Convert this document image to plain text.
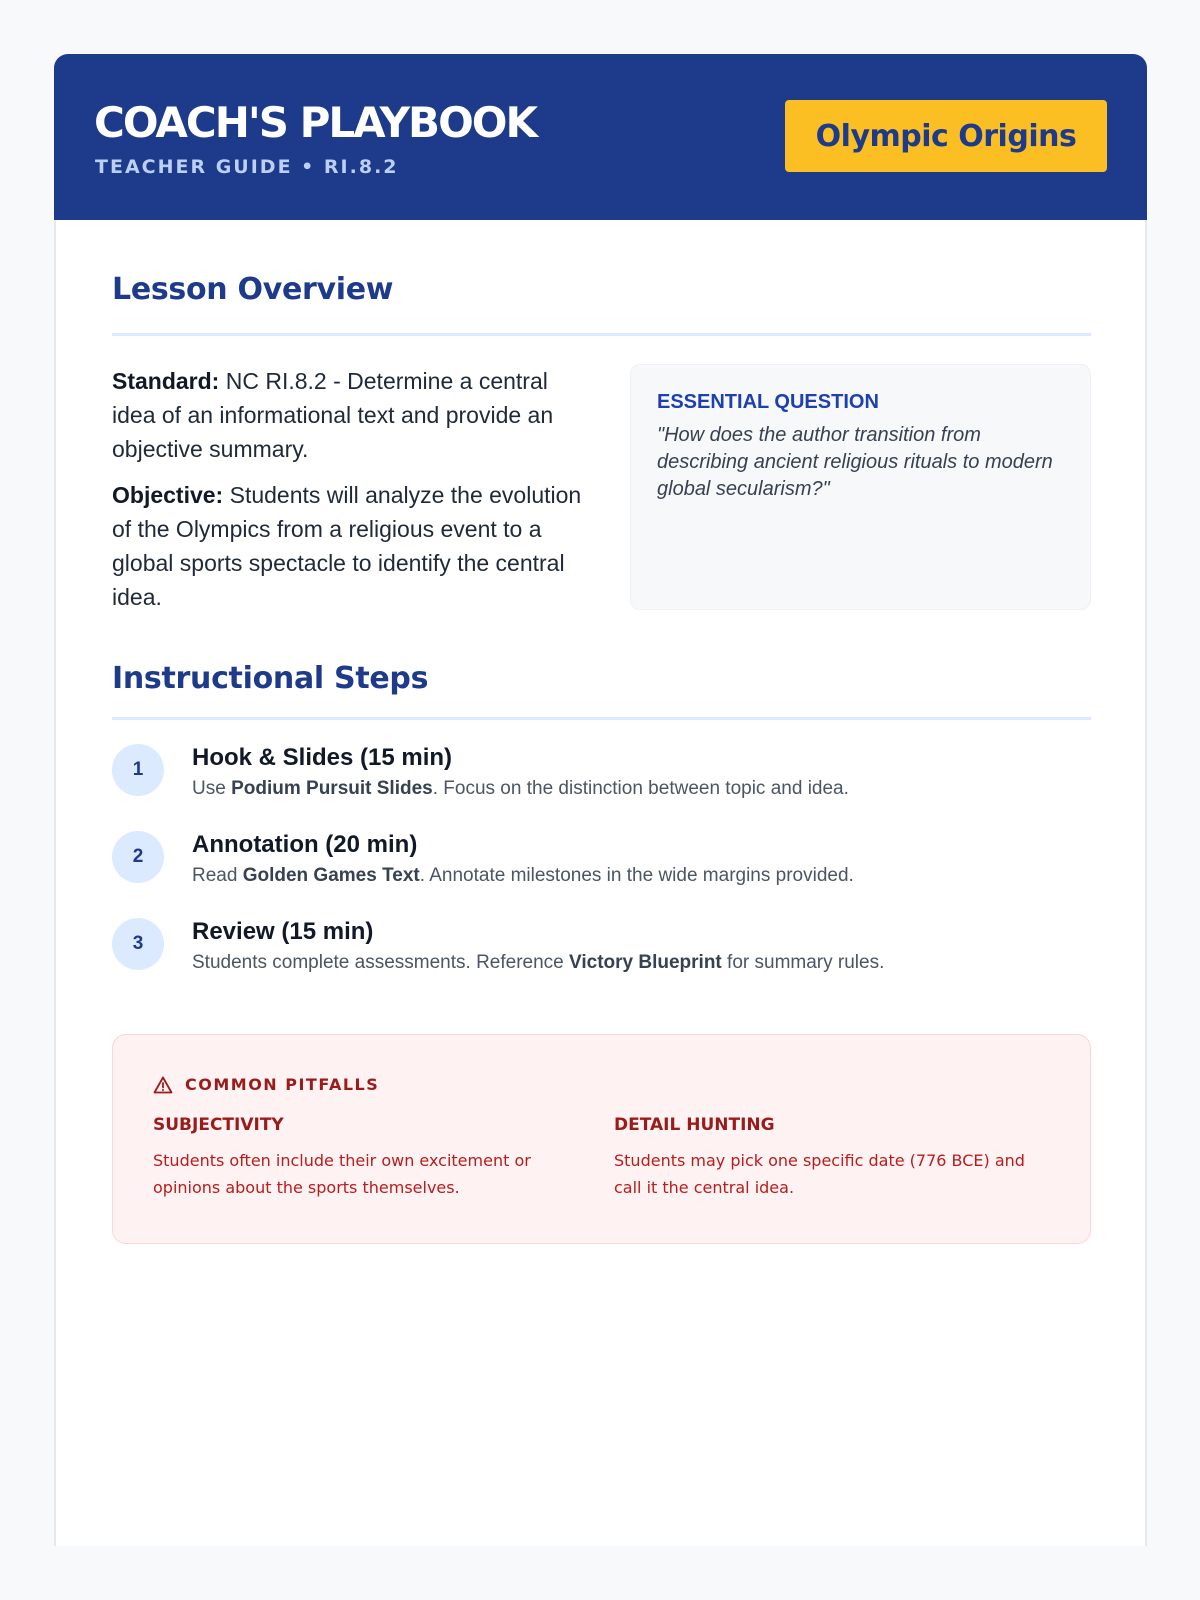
COACH'S PLAYBOOK
TEACHER GUIDE • RI.8.2
Olympic Origins
Lesson Overview

Standard: NC RI.8.2 - Determine a central idea of an informational text and provide an objective summary.

Objective: Students will analyze the evolution of the Olympics from a religious event to a global sports spectacle to identify the central idea.

ESSENTIAL QUESTION
"How does the author transition from describing ancient religious rituals to modern global secularism?"
Instructional Steps
1	Hook & Slides (15 min)
Use Podium Pursuit Slides. Focus on the distinction between topic and idea.
2	Annotation (20 min)
Read Golden Games Text. Annotate milestones in the wide margins provided.
3	Review (15 min)
Students complete assessments. Reference Victory Blueprint for summary rules.
COMMON PITFALLS
SUBJECTIVITY
Students often include their own excitement or opinions about the sports themselves.
DETAIL HUNTING
Students may pick one specific date (776 BCE) and call it the central idea.
